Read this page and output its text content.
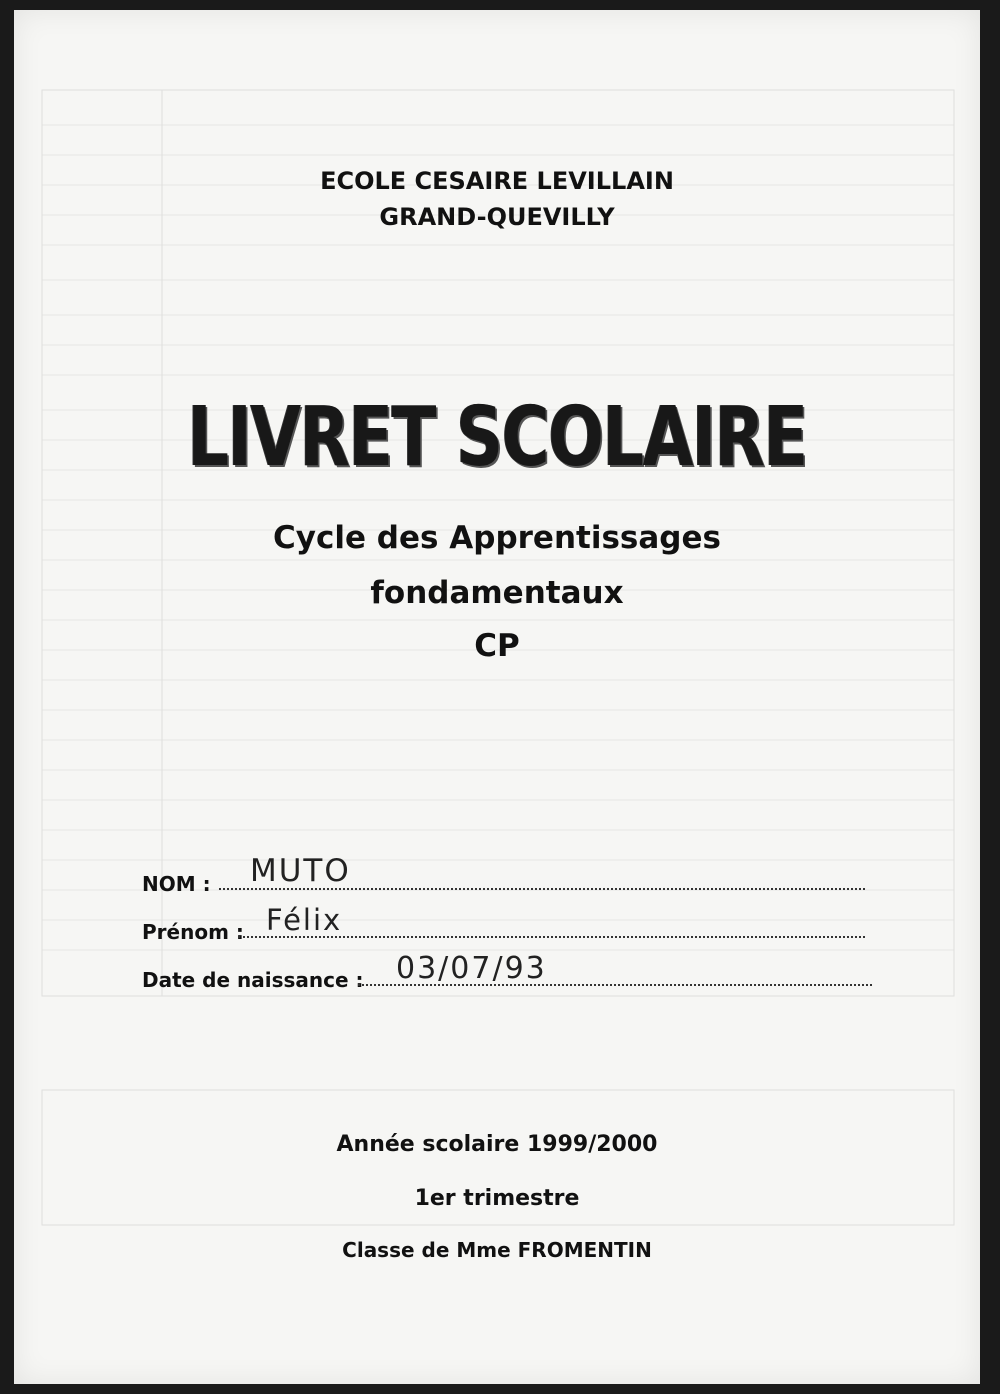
ECOLE CESAIRE LEVILLAIN
GRAND-QUEVILLY
LIVRET SCOLAIRE
Cycle des Apprentissages
fondamentaux
CP
NOM : MUTO
Prénom : Félix
Date de naissance : 03/07/93
Année scolaire 1999/2000
1er trimestre
Classe de Mme FROMENTIN
